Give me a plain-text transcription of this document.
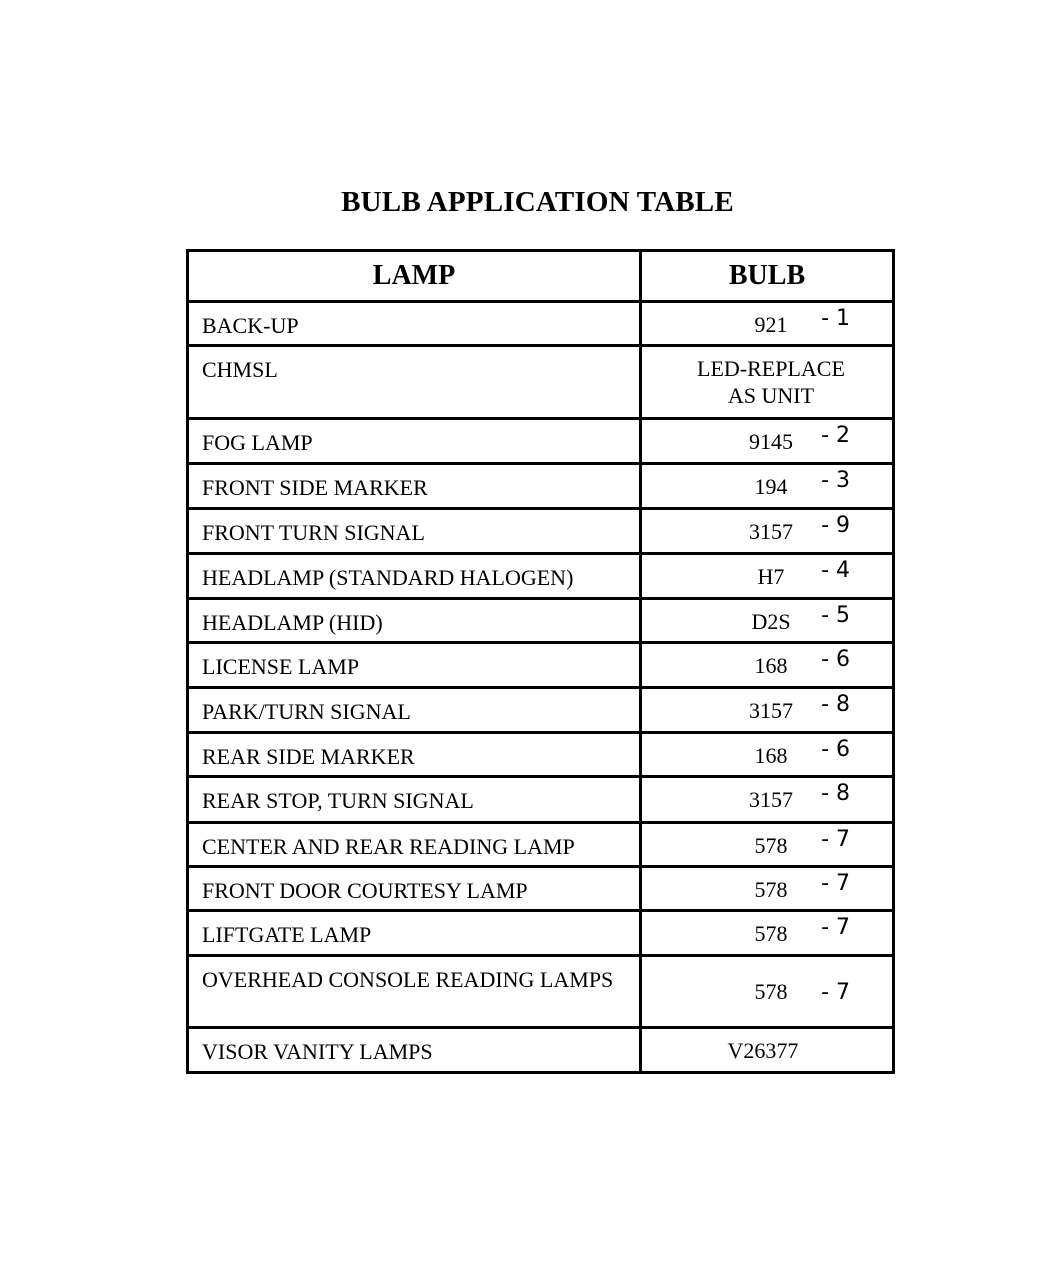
BULB APPLICATION TABLE
LAMP	BULB
BACK-UP	921 - 1

CHMSL	LED-REPLACE AS UNIT
FOG LAMP	9145 - 2

FRONT SIDE MARKER	194 - 3

FRONT TURN SIGNAL	3157 - 9

HEADLAMP (STANDARD HALOGEN)	H7 - 4

HEADLAMP (HID)	D2S - 5

LICENSE LAMP	168 - 6

PARK/TURN SIGNAL	3157 - 8

REAR SIDE MARKER	168 - 6

REAR STOP, TURN SIGNAL	3157 - 8

CENTER AND REAR READING LAMP	578 - 7

FRONT DOOR COURTESY LAMP	578 - 7

LIFTGATE LAMP	578 - 7

OVERHEAD CONSOLE READING LAMPS	578 - 7

VISOR VANITY LAMPS	V26377
